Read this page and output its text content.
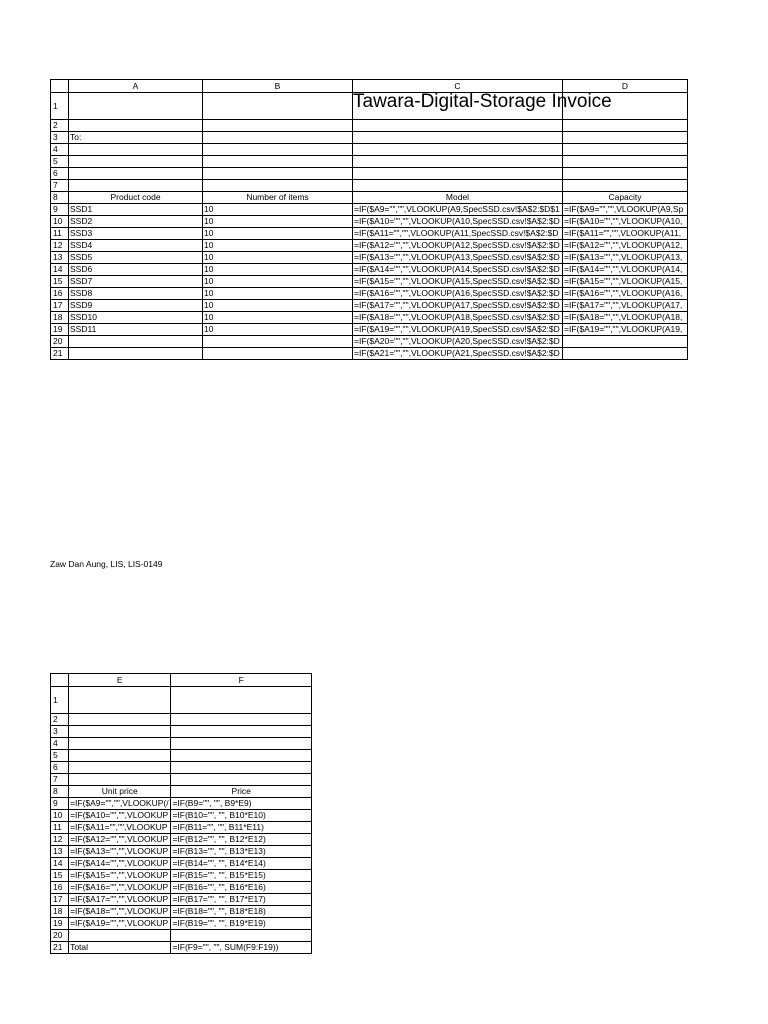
	A	B	C	D
1			Tawara-Digital-Storage Invoice	

2				
3	To:			
4				
5				
6				
7				
8	Product code	Number of items	Model	Capacity
9	SSD1	10	=IF($A9="","",VLOOKUP(A9,SpecSSD.csv!$A$2:$D$1	=IF($A9="","",VLOOKUP(A9,Sp

10	SSD2	10	=IF($A10="","",VLOOKUP(A10,SpecSSD.csv!$A$2:$D	=IF($A10="","",VLOOKUP(A10,

11	SSD3	10	=IF($A11="","",VLOOKUP(A11,SpecSSD.csv!$A$2:$D	=IF($A11="","",VLOOKUP(A11,

12	SSD4	10	=IF($A12="","",VLOOKUP(A12,SpecSSD.csv!$A$2:$D	=IF($A12="","",VLOOKUP(A12,

13	SSD5	10	=IF($A13="","",VLOOKUP(A13,SpecSSD.csv!$A$2:$D	=IF($A13="","",VLOOKUP(A13,

14	SSD6	10	=IF($A14="","",VLOOKUP(A14,SpecSSD.csv!$A$2:$D	=IF($A14="","",VLOOKUP(A14,

15	SSD7	10	=IF($A15="","",VLOOKUP(A15,SpecSSD.csv!$A$2:$D	=IF($A15="","",VLOOKUP(A15,

16	SSD8	10	=IF($A16="","",VLOOKUP(A16,SpecSSD.csv!$A$2:$D	=IF($A16="","",VLOOKUP(A16,

17	SSD9	10	=IF($A17="","",VLOOKUP(A17,SpecSSD.csv!$A$2:$D	=IF($A17="","",VLOOKUP(A17,

18	SSD10	10	=IF($A18="","",VLOOKUP(A18,SpecSSD.csv!$A$2:$D	=IF($A18="","",VLOOKUP(A18,

19	SSD11	10	=IF($A19="","",VLOOKUP(A19,SpecSSD.csv!$A$2:$D	=IF($A19="","",VLOOKUP(A19,

20			=IF($A20="","",VLOOKUP(A20,SpecSSD.csv!$A$2:$D	

21			=IF($A21="","",VLOOKUP(A21,SpecSSD.csv!$A$2:$D	

Zaw Dan Aung, LIS, LIS-0149
	E	F
1		
2		
3		
4		
5		
6		
7		
8	Unit price	Price
9	=IF($A9="","",VLOOKUP(/	=IF(B9="", "", B9*E9)

10	=IF($A10="","",VLOOKUP	=IF(B10="", "", B10*E10)

11	=IF($A11="","",VLOOKUP	=IF(B11="", "", B11*E11)

12	=IF($A12="","",VLOOKUP	=IF(B12="", "", B12*E12)

13	=IF($A13="","",VLOOKUP	=IF(B13="", "", B13*E13)

14	=IF($A14="","",VLOOKUP	=IF(B14="", "", B14*E14)

15	=IF($A15="","",VLOOKUP	=IF(B15="", "", B15*E15)

16	=IF($A16="","",VLOOKUP	=IF(B16="", "", B16*E16)

17	=IF($A17="","",VLOOKUP	=IF(B17="", "", B17*E17)

18	=IF($A18="","",VLOOKUP	=IF(B18="", "", B18*E18)

19	=IF($A19="","",VLOOKUP	=IF(B19="", "", B19*E19)

20	

21	Total	=IF(F9="", "", SUM(F9:F19))
